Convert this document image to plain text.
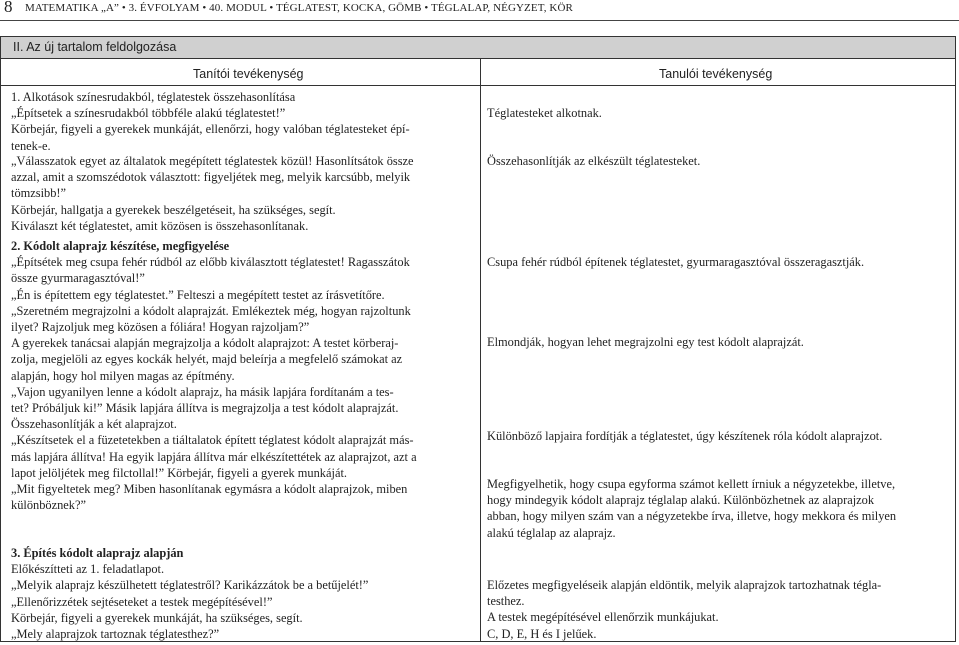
8 MATEMATIKA „A” • 3. ÉVFOLYAM • 40. MODUL • TÉGLATEST, KOCKA, GÖMB • TÉGLALAP, NÉGYZET, KÖR
II. Az új tartalom feldolgozása
Tanítói tevékenység	Tanulói tevékenység
1. Alkotások színesrudakból, téglatestek összehasonlítása
„Építsetek a színesrudakból többféle alakú téglatestet!”
Körbejár, figyeli a gyerekek munkáját, ellenőrzi, hogy valóban téglatesteket épí-
tenek-e.
„Válasszatok egyet az általatok megépített téglatestek közül! Hasonlítsátok össze
azzal, amit a szomszédotok választott: figyeljétek meg, melyik karcsúbb, melyik
tömzsibb!”
Körbejár, hallgatja a gyerekek beszélgetéseit, ha szükséges, segít.
Kiválaszt két téglatestet, amit közösen is összehasonlítanak.
2. Kódolt alaprajz készítése, megfigyelése
„Építsétek meg csupa fehér rúdból az előbb kiválasztott téglatestet! Ragasszátok
össze gyurmaragasztóval!”
„Én is építettem egy téglatestet.” Felteszi a megépített testet az írásvetítőre.
„Szeretném megrajzolni a kódolt alaprajzát. Emlékeztek még, hogyan rajzoltunk
ilyet? Rajzoljuk meg közösen a fóliára! Hogyan rajzoljam?”
A gyerekek tanácsai alapján megrajzolja a kódolt alaprajzot: A testet körberaj-
zolja, megjelöli az egyes kockák helyét, majd beleírja a megfelelő számokat az
alapján, hogy hol milyen magas az építmény.
„Vajon ugyanilyen lenne a kódolt alaprajz, ha másik lapjára fordítanám a tes-
tet? Próbáljuk ki!” Másik lapjára állítva is megrajzolja a test kódolt alaprajzát.
Összehasonlítják a két alaprajzot.
„Készítsetek el a füzetetekben a tiáltalatok épített téglatest kódolt alaprajzát más-
más lapjára állítva! Ha egyik lapjára állítva már elkészítettétek az alaprajzot, azt a
lapot jelöljétek meg filctollal!” Körbejár, figyeli a gyerek munkáját.
„Mit figyeltetek meg? Miben hasonlítanak egymásra a kódolt alaprajzok, miben
különböznek?”
3. Építés kódolt alaprajz alapján
Előkészítteti az 1. feladatlapot.
„Melyik alaprajz készülhetett téglatestről? Karikázzátok be a betűjelét!”
„Ellenőrizzétek sejtéseteket a testek megépítésével!”
Körbejár, figyeli a gyerekek munkáját, ha szükséges, segít.
„Mely alaprajzok tartoznak téglatesthez?”
Téglatesteket alkotnak.
Összehasonlítják az elkészült téglatesteket.
Csupa fehér rúdból építenek téglatestet, gyurmaragasztóval összeragasztják.
Elmondják, hogyan lehet megrajzolni egy test kódolt alaprajzát.
Különböző lapjaira fordítják a téglatestet, úgy készítenek róla kódolt alaprajzot.
Megfigyelhetik, hogy csupa egyforma számot kellett írniuk a négyzetekbe, illetve,
hogy mindegyik kódolt alaprajz téglalap alakú. Különbözhetnek az alaprajzok
abban, hogy milyen szám van a négyzetekbe írva, illetve, hogy mekkora és milyen
alakú téglalap az alaprajz.
Előzetes megfigyeléseik alapján eldöntik, melyik alaprajzok tartozhatnak tégla-
testhez.
A testek megépítésével ellenőrzik munkájukat.
C, D, E, H és I jelűek.
